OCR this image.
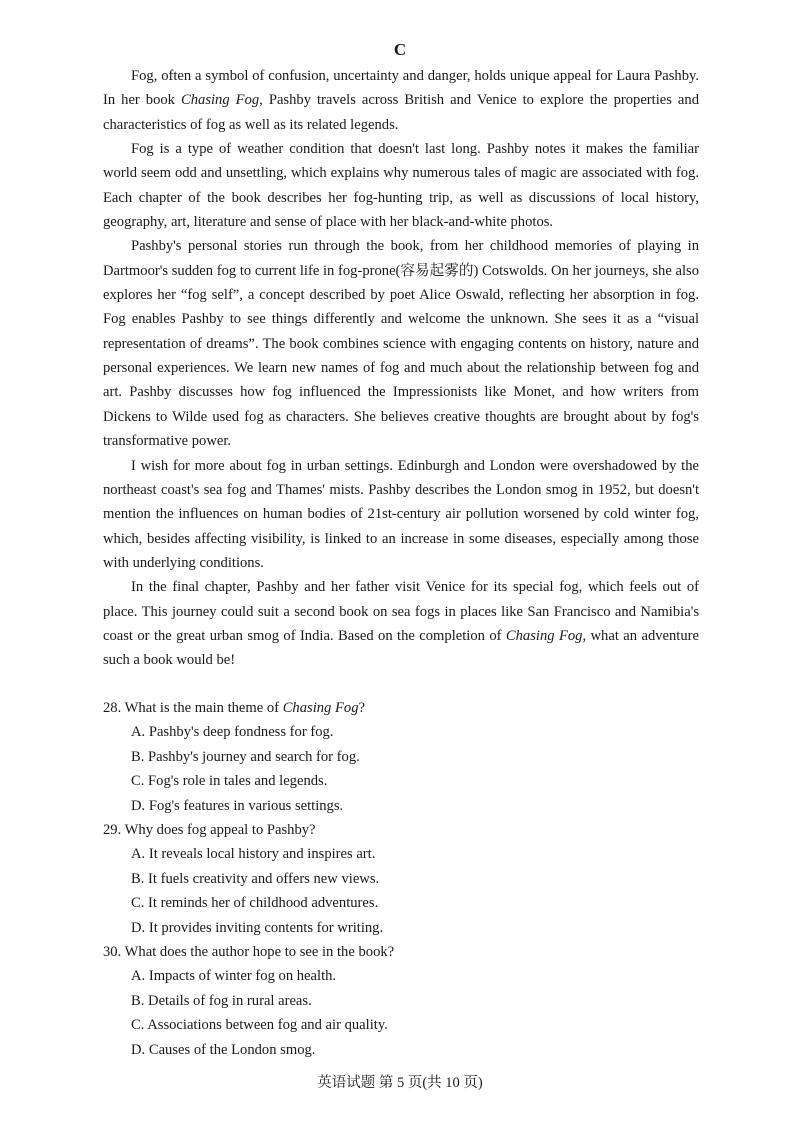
C

Fog, often a symbol of confusion, uncertainty and danger, holds unique appeal for Laura Pashby. In her book Chasing Fog, Pashby travels across British and Venice to explore the properties and characteristics of fog as well as its related legends.

Fog is a type of weather condition that doesn't last long. Pashby notes it makes the familiar world seem odd and unsettling, which explains why numerous tales of magic are associated with fog. Each chapter of the book describes her fog-hunting trip, as well as discussions of local history, geography, art, literature and sense of place with her black-and-white photos.

Pashby's personal stories run through the book, from her childhood memories of playing in Dartmoor's sudden fog to current life in fog-prone(容易起雾的) Cotswolds. On her journeys, she also explores her “fog self”, a concept described by poet Alice Oswald, reflecting her absorption in fog. Fog enables Pashby to see things differently and welcome the unknown. She sees it as a “visual representation of dreams”. The book combines science with engaging contents on history, nature and personal experiences. We learn new names of fog and much about the relationship between fog and art. Pashby discusses how fog influenced the Impressionists like Monet, and how writers from Dickens to Wilde used fog as characters. She believes creative thoughts are brought about by fog's transformative power.

I wish for more about fog in urban settings. Edinburgh and London were overshadowed by the northeast coast's sea fog and Thames' mists. Pashby describes the London smog in 1952, but doesn't mention the influences on human bodies of 21st-century air pollution worsened by cold winter fog, which, besides affecting visibility, is linked to an increase in some diseases, especially among those with underlying conditions.

In the final chapter, Pashby and her father visit Venice for its special fog, which feels out of place. This journey could suit a second book on sea fogs in places like San Francisco and Namibia's coast or the great urban smog of India. Based on the completion of Chasing Fog, what an adventure such a book would be!

28. What is the main theme of Chasing Fog?
A. Pashby's deep fondness for fog.
B. Pashby's journey and search for fog.
C. Fog's role in tales and legends.
D. Fog's features in various settings.
29. Why does fog appeal to Pashby?
A. It reveals local history and inspires art.
B. It fuels creativity and offers new views.
C. It reminds her of childhood adventures.
D. It provides inviting contents for writing.
30. What does the author hope to see in the book?
A. Impacts of winter fog on health.
B. Details of fog in rural areas.
C. Associations between fog and air quality.
D. Causes of the London smog.
英语试题 第 5 页(共 10 页)
